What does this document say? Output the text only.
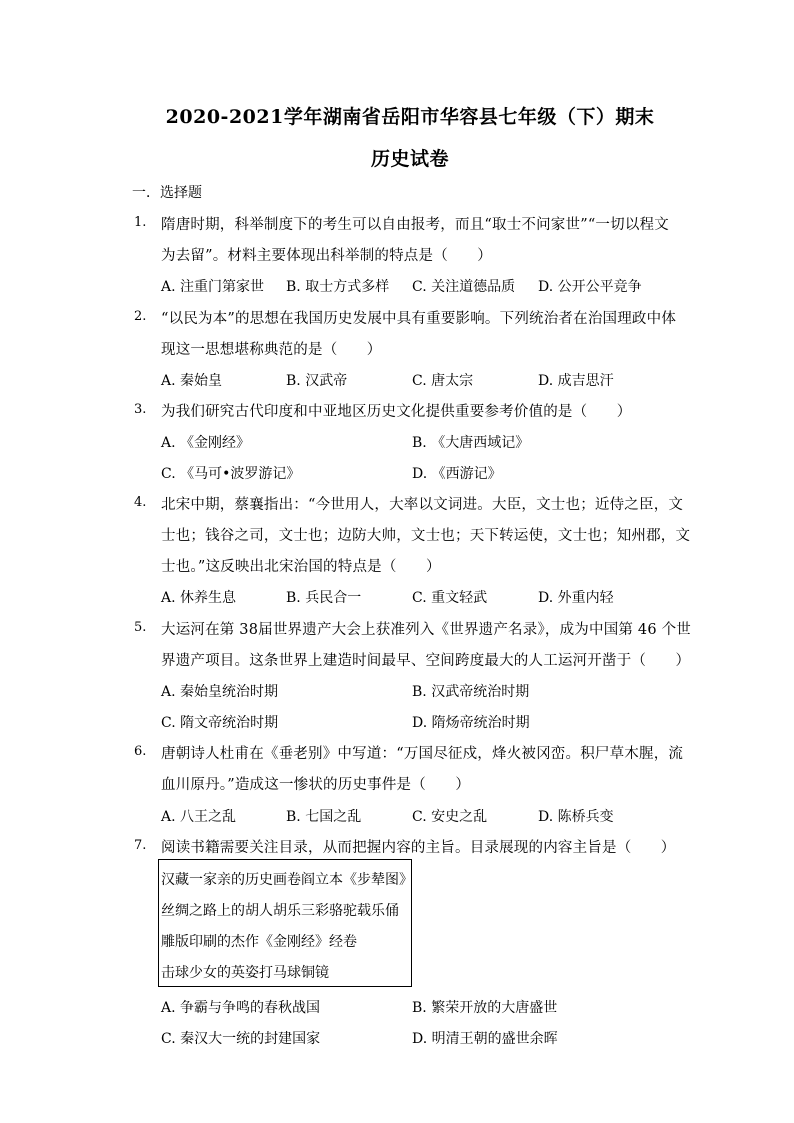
2020-2021学年湖南省岳阳市华容县七年级（下）期末
历史试卷
一．选择题
1. 隋唐时期，科举制度下的考生可以自由报考，而且“取士不问家世”“一切以程文
为去留”。材料主要体现出科举制的特点是（　　）
A. 注重门第家世 B. 取士方式多样 C. 关注道德品质 D. 公开公平竞争
2. “以民为本”的思想在我国历史发展中具有重要影响。下列统治者在治国理政中体
现这一思想堪称典范的是（　　）
A. 秦始皇	B. 汉武帝	C. 唐太宗	D. 成吉思汗
3. 为我们研究古代印度和中亚地区历史文化提供重要参考价值的是（　　）
A. 《金刚经》	B. 《大唐西域记》
C. 《马可•波罗游记》	D. 《西游记》
4. 北宋中期，蔡襄指出：“今世用人，大率以文词进。大臣，文士也；近侍之臣，文
士也；钱谷之司，文士也；边防大帅，文士也；天下转运使，文士也；知州郡，文
士也。”这反映出北宋治国的特点是（　　）
A. 休养生息	B. 兵民合一	C. 重文轻武	D. 外重内轻
5. 大运河在第 38届世界遗产大会上获准列入《世界遗产名录》，成为中国第 46 个世
界遗产项目。这条世界上建造时间最早、空间跨度最大的人工运河开凿于（　　）
A. 秦始皇统治时期	B. 汉武帝统治时期
C. 隋文帝统治时期	D. 隋炀帝统治时期
6. 唐朝诗人杜甫在《垂老别》中写道：“万国尽征戍，烽火被冈峦。积尸草木腥，流
血川原丹。”造成这一惨状的历史事件是（　　）
A. 八王之乱	B. 七国之乱	C. 安史之乱	D. 陈桥兵变
7. 阅读书籍需要关注目录，从而把握内容的主旨。目录展现的内容主旨是（　　）
汉藏一家亲的历史画卷阎立本《步辇图》
丝绸之路上的胡人胡乐三彩骆驼载乐俑
雕版印刷的杰作《金刚经》经卷
击球少女的英姿打马球铜镜
A. 争霸与争鸣的春秋战国	B. 繁荣开放的大唐盛世
C. 秦汉大一统的封建国家	D. 明清王朝的盛世余晖
